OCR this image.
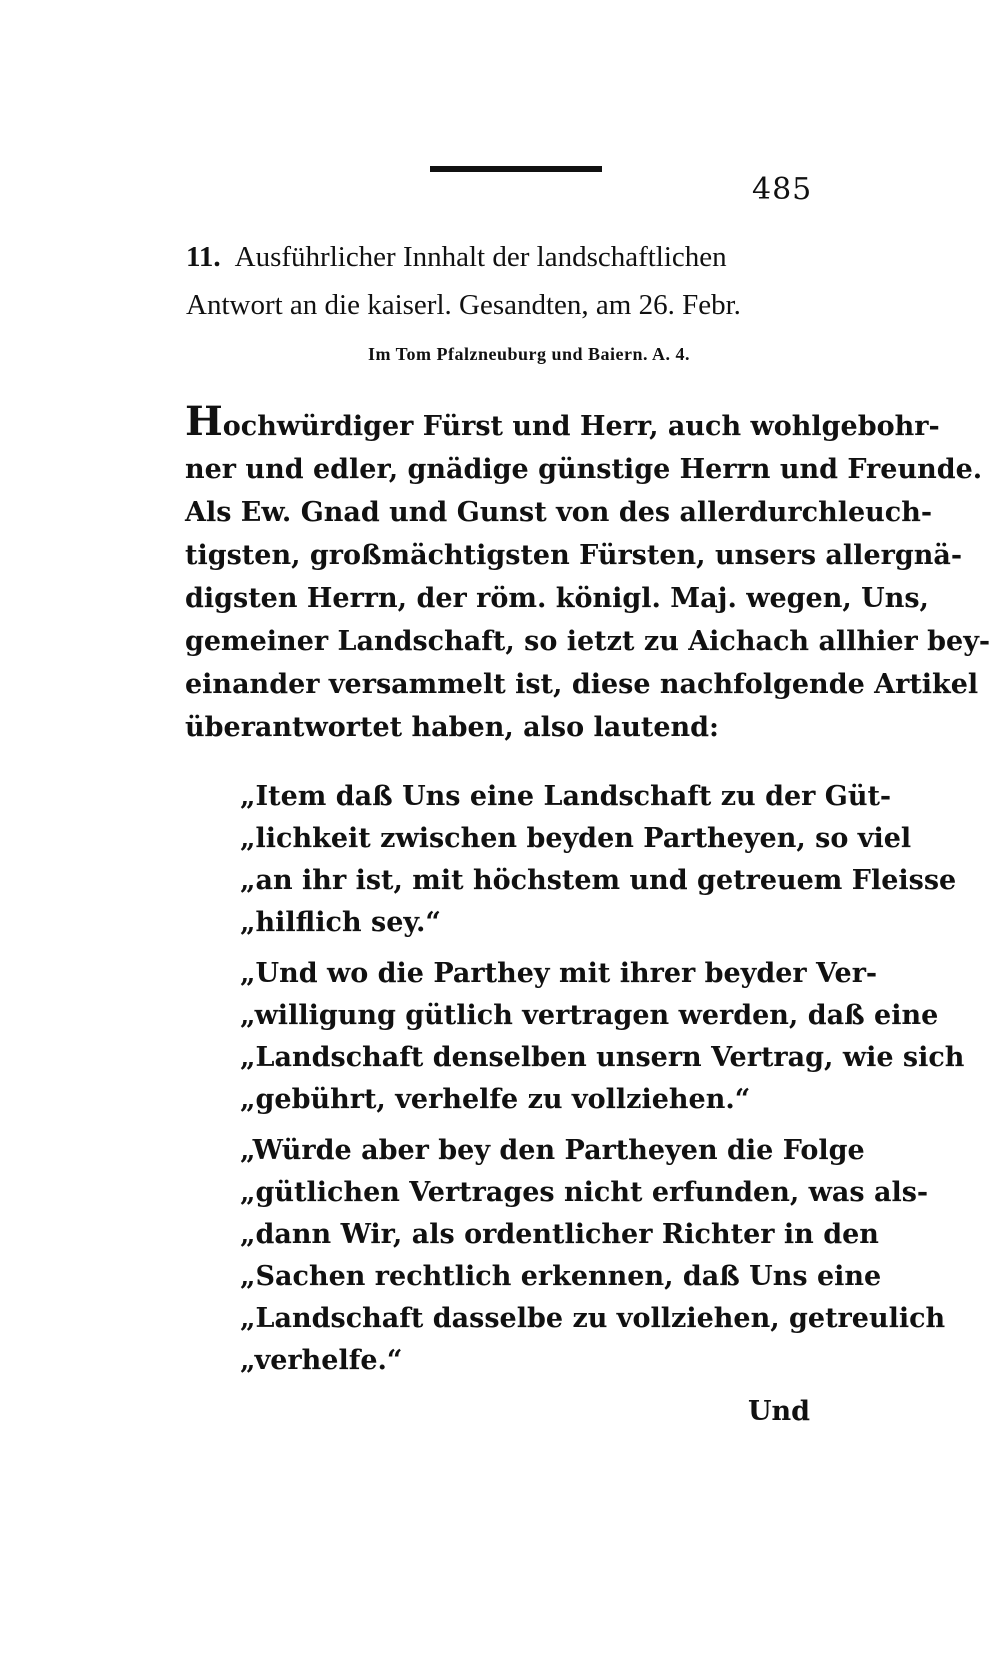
485
11. Ausführlicher Innhalt der landschaftlichen
Antwort an die kaiserl. Gesandten, am 26. Febr.
Im Tom Pfalzneuburg und Baiern. A. 4.
Hochwürdiger Fürst und Herr, auch wohlgebohr-
ner und edler, gnädige günstige Herrn und Freunde.
Als Ew. Gnad und Gunst von des allerdurchleuch-
tigsten, großmächtigsten Fürsten, unsers allergnä-
digsten Herrn, der röm. königl. Maj. wegen, Uns,
gemeiner Landschaft, so ietzt zu Aichach allhier bey-
einander versammelt ist, diese nachfolgende Artikel
überantwortet haben, also lautend:
„Item daß Uns eine Landschaft zu der Güt-
„lichkeit zwischen beyden Partheyen, so viel
„an ihr ist, mit höchstem und getreuem Fleisse
„hilflich sey.“
„Und wo die Parthey mit ihrer beyder Ver-
„willigung gütlich vertragen werden, daß eine
„Landschaft denselben unsern Vertrag, wie sich
„gebührt, verhelfe zu vollziehen.“
„Würde aber bey den Partheyen die Folge
„gütlichen Vertrages nicht erfunden, was als-
„dann Wir, als ordentlicher Richter in den
„Sachen rechtlich erkennen, daß Uns eine
„Landschaft dasselbe zu vollziehen, getreulich
„verhelfe.“
Und
